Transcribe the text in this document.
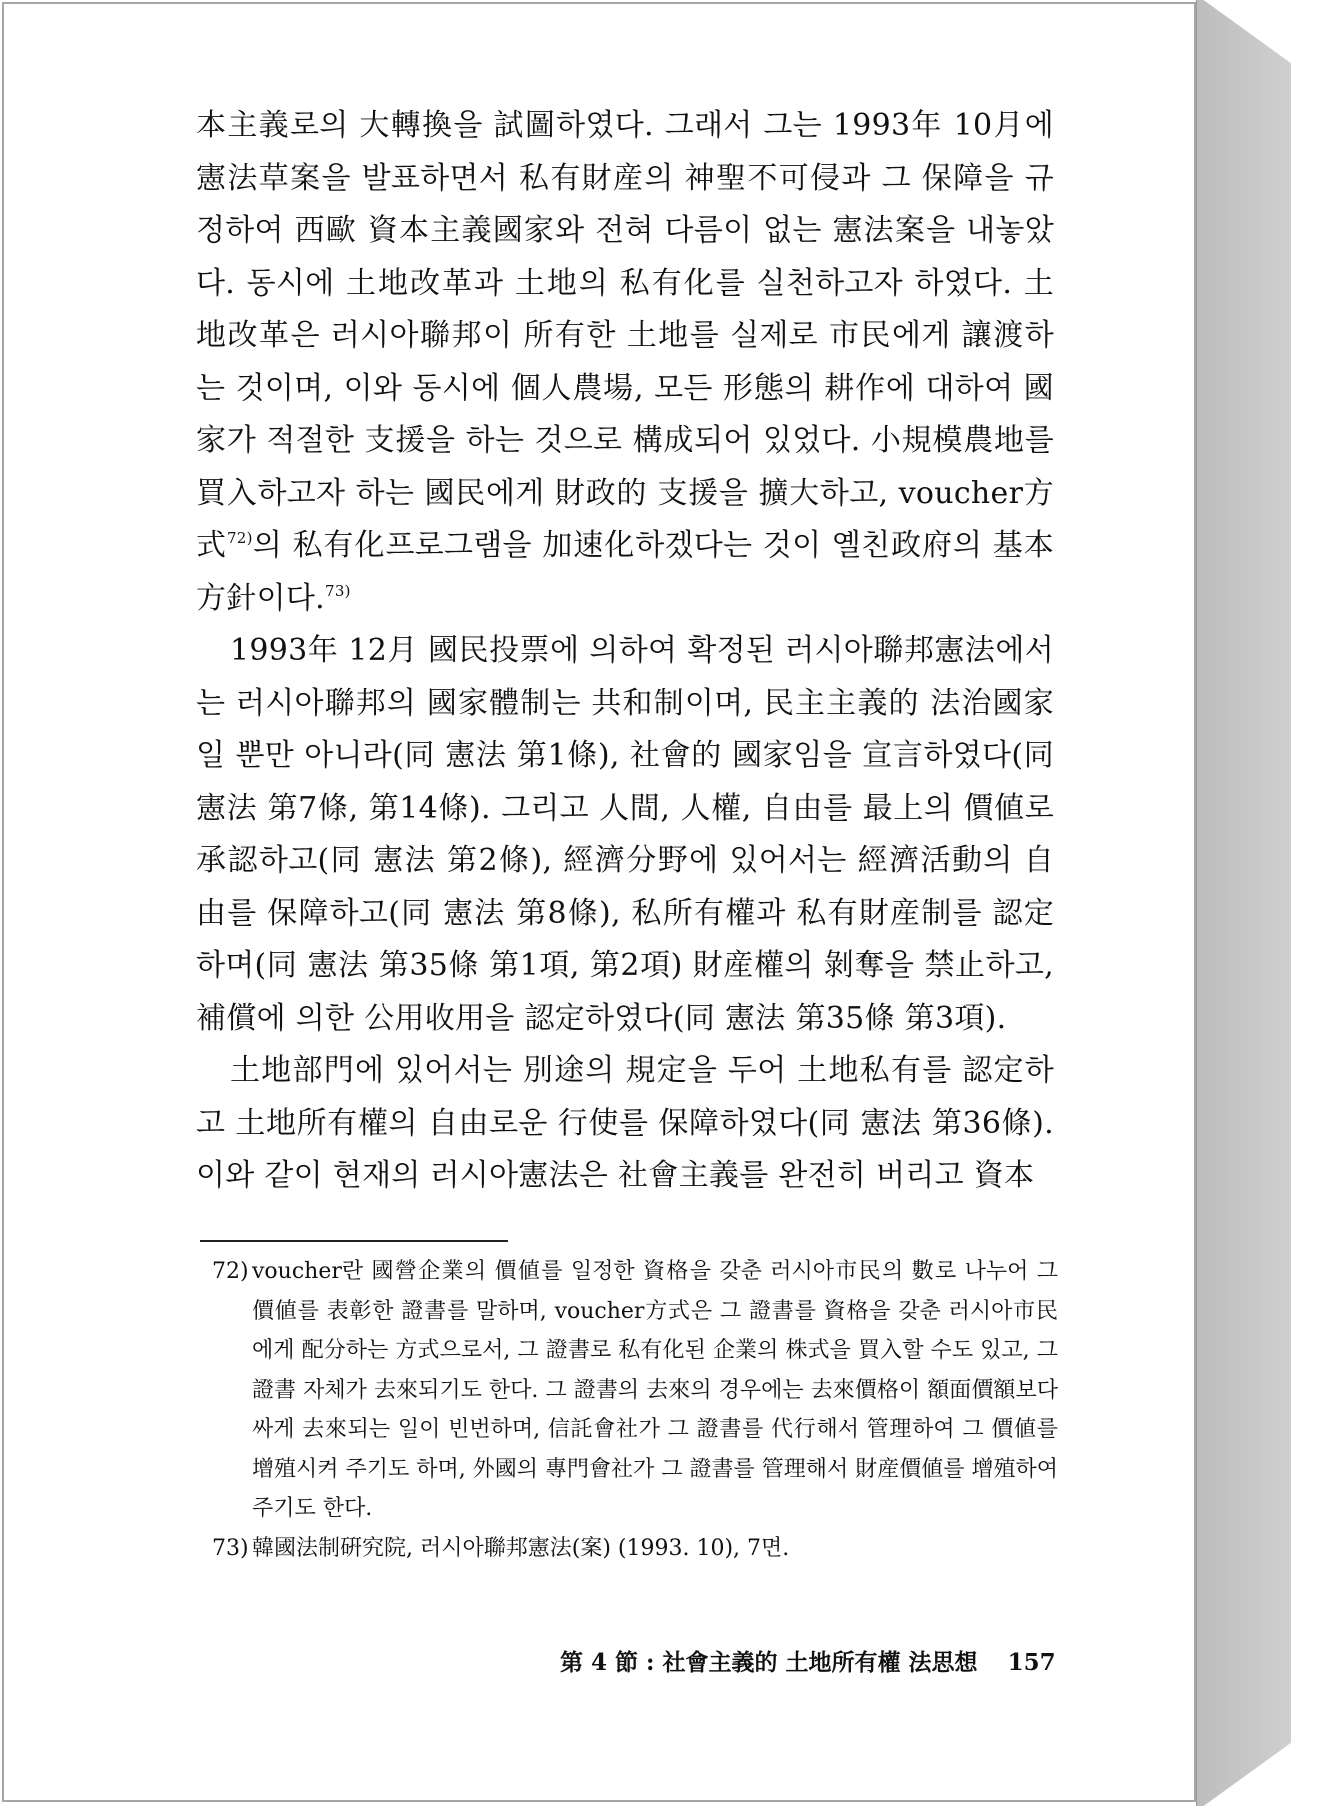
本主義로의 大轉換을 試圖하였다. 그래서 그는 1993年 10月에 憲法草案을 발표하면서 私有財産의 神聖不可侵과 그 保障을 규정하여 西歐 資本主義國家와 전혀 다름이 없는 憲法案을 내놓았다. 동시에 土地改革과 土地의 私有化를 실천하고자 하였다. 土地改革은 러시아聯邦이 所有한 土地를 실제로 市民에게 讓渡하는 것이며, 이와 동시에 個人農場, 모든 形態의 耕作에 대하여 國家가 적절한 支援을 하는 것으로 構成되어 있었다. 小規模農地를 買入하고자 하는 國民에게 財政的 支援을 擴大하고, voucher方式$^{72)}$의 私有化프로그램을 加速化하겠다는 것이 옐친政府의 基本方針이다.$^{73)}$

1993年 12月 國民投票에 의하여 확정된 러시아聯邦憲法에서는 러시아聯邦의 國家體制는 共和制이며, 民主主義的 法治國家일 뿐만 아니라(同 憲法 第1條), 社會的 國家임을 宣言하였다(同 憲法 第7條, 第14條). 그리고 人間, 人權, 自由를 最上의 價値로 承認하고(同 憲法 第2條), 經濟分野에 있어서는 經濟活動의 自由를 保障하고(同 憲法 第8條), 私所有權과 私有財産制를 認定하며(同 憲法 第35條 第1項, 第2項) 財産權의 剝奪을 禁止하고, 補償에 의한 公用收用을 認定하였다(同 憲法 第35條 第3項).

土地部門에 있어서는 別途의 規定을 두어 土地私有를 認定하고 土地所有權의 自由로운 行使를 保障하였다(同 憲法 第36條). 이와 같이 현재의 러시아憲法은 社會主義를 완전히 버리고 資本

72) voucher란 國營企業의 價値를 일정한 資格을 갖춘 러시아市民의 數로 나누어 그 價値를 表彰한 證書를 말하며, voucher方式은 그 證書를 資格을 갖춘 러시아市民에게 配分하는 方式으로서, 그 證書로 私有化된 企業의 株式을 買入할 수도 있고, 그 證書 자체가 去來되기도 한다. 그 證書의 去來의 경우에는 去來價格이 額面價額보다 싸게 去來되는 일이 빈번하며, 信託會社가 그 證書를 代行해서 管理하여 그 價値를 增殖시켜 주기도 하며, 外國의 專門會社가 그 證書를 管理해서 財産價値를 增殖하여 주기도 한다.
73) 韓國法制硏究院, 러시아聯邦憲法(案) (1993. 10), 7면.
第 4 節 : 社會主義的 土地所有權 法思想 157
